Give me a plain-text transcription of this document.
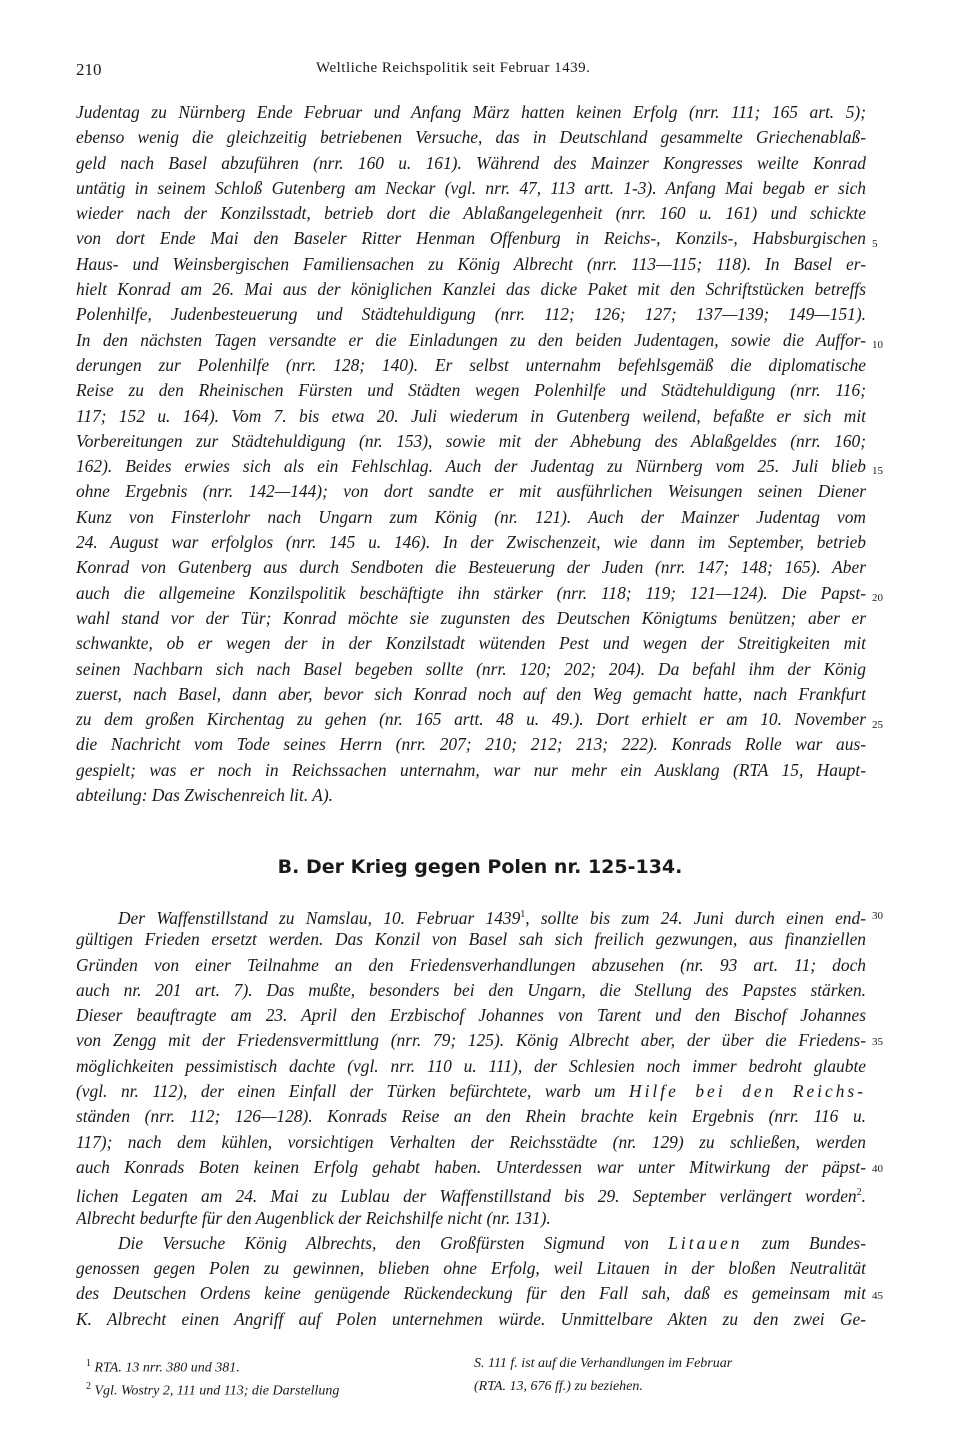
210	Weltliche Reichspolitik seit Februar 1439.
Judentag zu Nürnberg Ende Februar und Anfang März hatten keinen Erfolg (nrr. 111; 165 art. 5);
ebenso wenig die gleichzeitig betriebenen Versuche, das in Deutschland gesammelte Griechenablaß-
geld nach Basel abzuführen (nrr. 160 u. 161). Während des Mainzer Kongresses weilte Konrad
untätig in seinem Schloß Gutenberg am Neckar (vgl. nrr. 47, 113 artt. 1-3). Anfang Mai begab er sich
wieder nach der Konzilsstadt, betrieb dort die Ablaßangelegenheit (nrr. 160 u. 161) und schickte
von dort Ende Mai den Baseler Ritter Henman Offenburg in Reichs-, Konzils-, Habsburgischen
Haus- und Weinsbergischen Familiensachen zu König Albrecht (nrr. 113—115; 118). In Basel er-
hielt Konrad am 26. Mai aus der königlichen Kanzlei das dicke Paket mit den Schriftstücken betreffs
Polenhilfe, Judenbesteuerung und Städtehuldigung (nrr. 112; 126; 127; 137—139; 149—151).
In den nächsten Tagen versandte er die Einladungen zu den beiden Judentagen, sowie die Auffor-
derungen zur Polenhilfe (nrr. 128; 140). Er selbst unternahm befehlsgemäß die diplomatische
Reise zu den Rheinischen Fürsten und Städten wegen Polenhilfe und Städtehuldigung (nrr. 116;
117; 152 u. 164). Vom 7. bis etwa 20. Juli wiederum in Gutenberg weilend, befaßte er sich mit
Vorbereitungen zur Städtehuldigung (nr. 153), sowie mit der Abhebung des Ablaßgeldes (nrr. 160;
162). Beides erwies sich als ein Fehlschlag. Auch der Judentag zu Nürnberg vom 25. Juli blieb
ohne Ergebnis (nrr. 142—144); von dort sandte er mit ausführlichen Weisungen seinen Diener
Kunz von Finsterlohr nach Ungarn zum König (nr. 121). Auch der Mainzer Judentag vom
24. August war erfolglos (nrr. 145 u. 146). In der Zwischenzeit, wie dann im September, betrieb
Konrad von Gutenberg aus durch Sendboten die Besteuerung der Juden (nrr. 147; 148; 165). Aber
auch die allgemeine Konzilspolitik beschäftigte ihn stärker (nrr. 118; 119; 121—124). Die Papst-
wahl stand vor der Tür; Konrad möchte sie zugunsten des Deutschen Königtums benützen; aber er
schwankte, ob er wegen der in der Konzilstadt wütenden Pest und wegen der Streitigkeiten mit
seinen Nachbarn sich nach Basel begeben sollte (nrr. 120; 202; 204). Da befahl ihm der König
zuerst, nach Basel, dann aber, bevor sich Konrad noch auf den Weg gemacht hatte, nach Frankfurt
zu dem großen Kirchentag zu gehen (nr. 165 artt. 48 u. 49.). Dort erhielt er am 10. November
die Nachricht vom Tode seines Herrn (nrr. 207; 210; 212; 213; 222). Konrads Rolle war aus-
gespielt; was er noch in Reichssachen unternahm, war nur mehr ein Ausklang (RTA 15, Haupt-
abteilung: Das Zwischenreich lit. A).
B. Der Krieg gegen Polen nr. 125-134.
Der Waffenstillstand zu Namslau, 10. Februar 1439$^1$, sollte bis zum 24. Juni durch einen end-
gültigen Frieden ersetzt werden. Das Konzil von Basel sah sich freilich gezwungen, aus finanziellen
Gründen von einer Teilnahme an den Friedensverhandlungen abzusehen (nr. 93 art. 11; doch
auch nr. 201 art. 7). Das mußte, besonders bei den Ungarn, die Stellung des Papstes stärken.
Dieser beauftragte am 23. April den Erzbischof Johannes von Tarent und den Bischof Johannes
von Zengg mit der Friedensvermittlung (nrr. 79; 125). König Albrecht aber, der über die Friedens-
möglichkeiten pessimistisch dachte (vgl. nrr. 110 u. 111), der Schlesien noch immer bedroht glaubte
(vgl. nr. 112), der einen Einfall der Türken befürchtete, warb um Hilfe bei den Reichs-
ständen (nrr. 112; 126—128). Konrads Reise an den Rhein brachte kein Ergebnis (nrr. 116 u.
117); nach dem kühlen, vorsichtigen Verhalten der Reichsstädte (nr. 129) zu schließen, werden
auch Konrads Boten keinen Erfolg gehabt haben. Unterdessen war unter Mitwirkung der päpst-
lichen Legaten am 24. Mai zu Lublau der Waffenstillstand bis 29. September verlängert worden$^2$.
Albrecht bedurfte für den Augenblick der Reichshilfe nicht (nr. 131).
Die Versuche König Albrechts, den Großfürsten Sigmund von Litauen zum Bundes-
genossen gegen Polen zu gewinnen, blieben ohne Erfolg, weil Litauen in der bloßen Neutralität
des Deutschen Ordens keine genügende Rückendeckung für den Fall sah, daß es gemeinsam mit
K. Albrecht einen Angriff auf Polen unternehmen würde. Unmittelbare Akten zu den zwei Ge-
5
10
15
20
25
30
35
40
45
$^1$ RTA. 13 nrr. 380 und 381.
$^2$ Vgl. Wostry 2, 111 und 113; die Darstellung
S. 111 f. ist auf die Verhandlungen im Februar
(RTA. 13, 676 ff.) zu beziehen.
